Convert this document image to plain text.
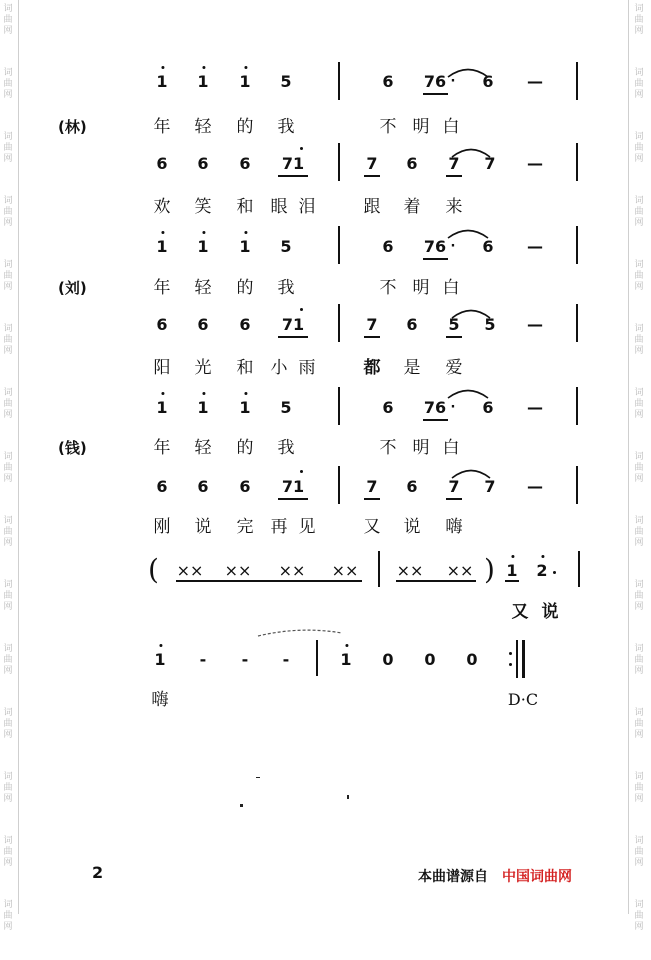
词
曲
网
词
曲
网
词
曲
网
词
曲
网
词
曲
网
词
曲
网
词
曲
网
词
曲
网
词
曲
网
词
曲
网
词
曲
网
词
曲
网
词
曲
网
词
曲
网
词
曲
网
词
曲
网
词
曲
网
词
曲
网
词
曲
网
词
曲
网
词
曲
网
词
曲
网
词
曲
网
词
曲
网
词
曲
网
词
曲
网
词
曲
网
词
曲
网
词
曲
网
词
曲
网
1 1 1 5	6 76 · 6 —
年 轻 的 我	不 明 白
(林)
6 6 6 71	7 6 7 7 —
欢 笑 和 眼 泪	跟 着 来
1 1 1 5	6 76 · 6 —
年 轻 的 我	不 明 白
(刘)
6 6 6 71	7 6 5 5 —
阳 光 和 小 雨	都 是 爱
1 1 1 5	6 76 · 6 —
年 轻 的 我	不 明 白
(钱)
6 6 6 71	7 6 7 7 —
刚 说 完 再 见	又 说 嗨
( ×× ×× ×× ×× ×× ×× ) 1 2
又 说
1 - - -	1 0 0 0
嗨	D·C
2	本曲谱源自 中国词曲网
